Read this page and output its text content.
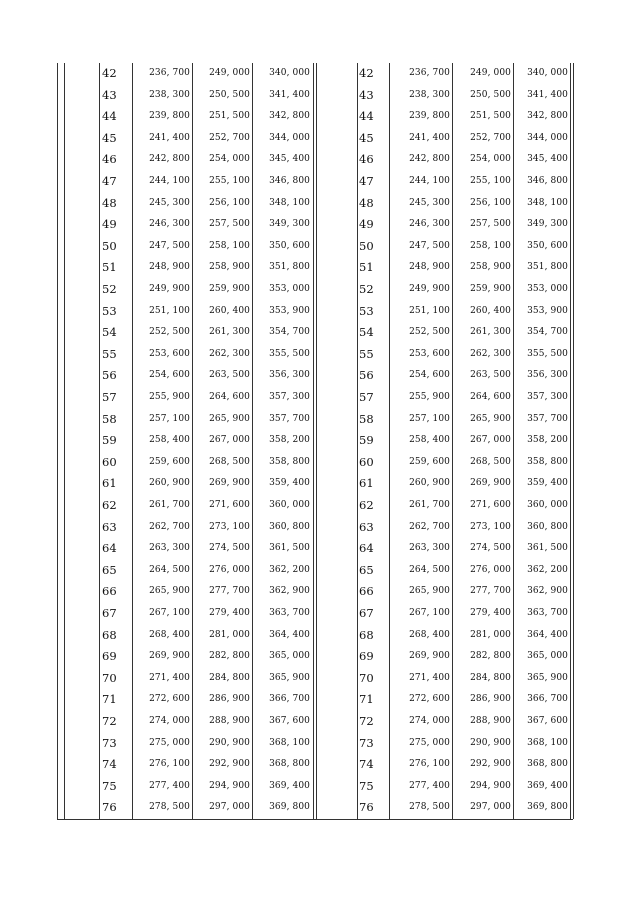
42	236, 700 249, 000 340, 000
43	238, 300 250, 500 341, 400
44	239, 800 251, 500 342, 800
45	241, 400 252, 700 344, 000
46	242, 800 254, 000 345, 400
47	244, 100 255, 100 346, 800
48	245, 300 256, 100 348, 100
49	246, 300 257, 500 349, 300
50	247, 500 258, 100 350, 600
51	248, 900 258, 900 351, 800
52	249, 900 259, 900 353, 000
53	251, 100 260, 400 353, 900
54	252, 500 261, 300 354, 700
55	253, 600 262, 300 355, 500
56	254, 600 263, 500 356, 300
57	255, 900 264, 600 357, 300
58	257, 100 265, 900 357, 700
59	258, 400 267, 000 358, 200
60	259, 600 268, 500 358, 800
61	260, 900 269, 900 359, 400
62	261, 700 271, 600 360, 000
63	262, 700 273, 100 360, 800
64	263, 300 274, 500 361, 500
65	264, 500 276, 000 362, 200
66	265, 900 277, 700 362, 900
67	267, 100 279, 400 363, 700
68	268, 400 281, 000 364, 400
69	269, 900 282, 800 365, 000
70	271, 400 284, 800 365, 900
71	272, 600 286, 900 366, 700
72	274, 000 288, 900 367, 600
73	275, 000 290, 900 368, 100
74	276, 100 292, 900 368, 800
75	277, 400 294, 900 369, 400
76	278, 500 297, 000 369, 800
42	236, 700 249, 000 340, 000
43	238, 300 250, 500 341, 400
44	239, 800 251, 500 342, 800
45	241, 400 252, 700 344, 000
46	242, 800 254, 000 345, 400
47	244, 100 255, 100 346, 800
48	245, 300 256, 100 348, 100
49	246, 300 257, 500 349, 300
50	247, 500 258, 100 350, 600
51	248, 900 258, 900 351, 800
52	249, 900 259, 900 353, 000
53	251, 100 260, 400 353, 900
54	252, 500 261, 300 354, 700
55	253, 600 262, 300 355, 500
56	254, 600 263, 500 356, 300
57	255, 900 264, 600 357, 300
58	257, 100 265, 900 357, 700
59	258, 400 267, 000 358, 200
60	259, 600 268, 500 358, 800
61	260, 900 269, 900 359, 400
62	261, 700 271, 600 360, 000
63	262, 700 273, 100 360, 800
64	263, 300 274, 500 361, 500
65	264, 500 276, 000 362, 200
66	265, 900 277, 700 362, 900
67	267, 100 279, 400 363, 700
68	268, 400 281, 000 364, 400
69	269, 900 282, 800 365, 000
70	271, 400 284, 800 365, 900
71	272, 600 286, 900 366, 700
72	274, 000 288, 900 367, 600
73	275, 000 290, 900 368, 100
74	276, 100 292, 900 368, 800
75	277, 400 294, 900 369, 400
76	278, 500 297, 000 369, 800
